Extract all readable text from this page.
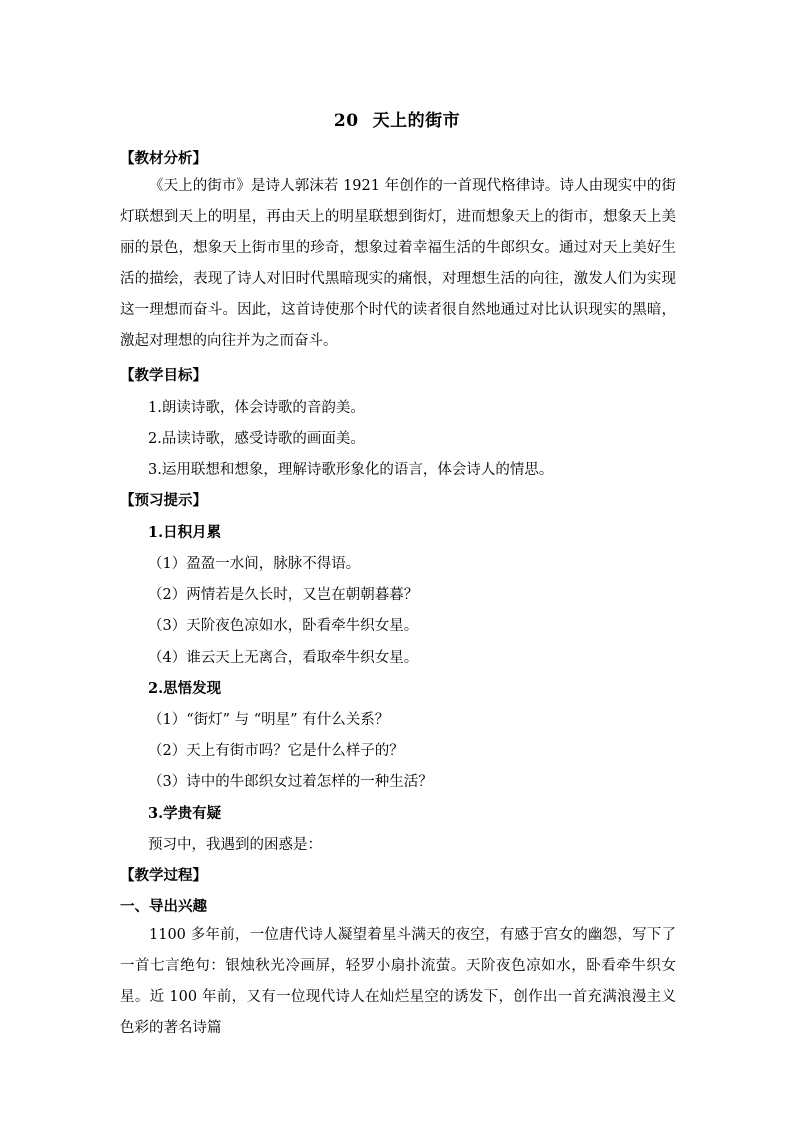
20 天上的街市
【教材分析】

《天上的街市》是诗人郭沫若 1921 年创作的一首现代格律诗。诗人由现实中的街灯联想到天上的明星，再由天上的明星联想到街灯，进而想象天上的街市，想象天上美丽的景色，想象天上街市里的珍奇，想象过着幸福生活的牛郎织女。通过对天上美好生活的描绘，表现了诗人对旧时代黑暗现实的痛恨，对理想生活的向往，激发人们为实现这一理想而奋斗。因此，这首诗使那个时代的读者很自然地通过对比认识现实的黑暗，激起对理想的向往并为之而奋斗。

【教学目标】
1.朗读诗歌，体会诗歌的音韵美。
2.品读诗歌，感受诗歌的画面美。
3.运用联想和想象，理解诗歌形象化的语言，体会诗人的情思。
【预习提示】
1.日积月累
（1）盈盈一水间，脉脉不得语。
（2）两情若是久长时，又岂在朝朝暮暮？
（3）天阶夜色凉如水，卧看牵牛织女星。
（4）谁云天上无离合，看取牵牛织女星。
2.思悟发现
（1）“街灯” 与 “明星” 有什么关系？
（2）天上有街市吗？它是什么样子的？
（3）诗中的牛郎织女过着怎样的一种生活？
3.学贵有疑
预习中，我遇到的困惑是：
【教学过程】
一、导出兴趣

1100 多年前，一位唐代诗人凝望着星斗满天的夜空，有感于宫女的幽怨，写下了一首七言绝句：银烛秋光冷画屏，轻罗小扇扑流萤。天阶夜色凉如水，卧看牵牛织女星。近 100 年前，又有一位现代诗人在灿烂星空的诱发下，创作出一首充满浪漫主义色彩的著名诗篇
